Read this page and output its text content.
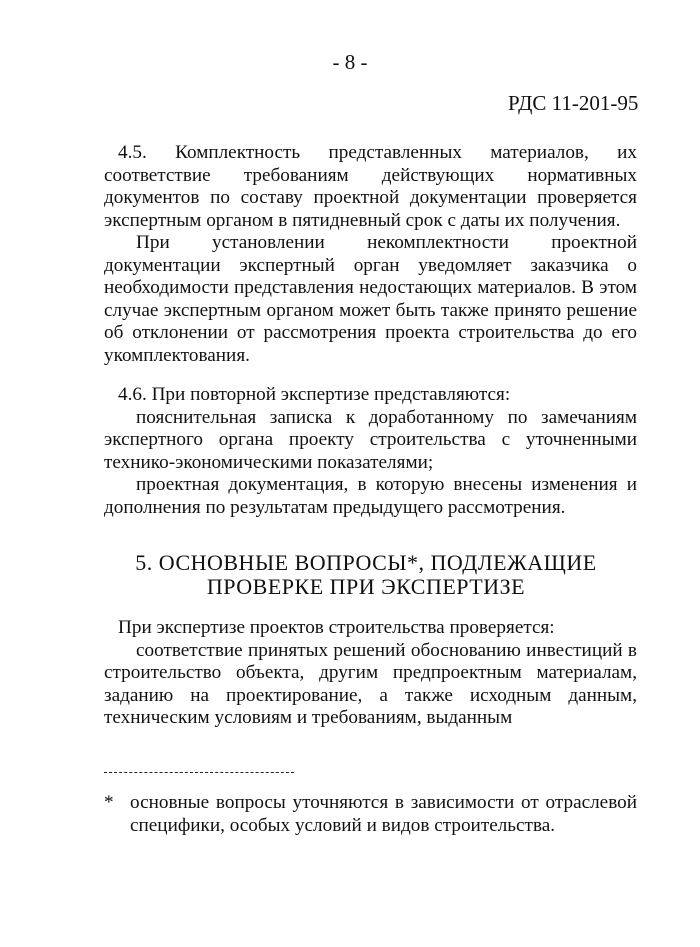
- 8 -
РДС 11-201-95

4.5. Комплектность представленных материалов, их соответствие требованиям действующих нормативных документов по составу проектной документации проверяется экспертным органом в пятидневный срок с даты их получения.

При установлении некомплектности проектной документации экспертный орган уведомляет заказчика о необходимости представления недостающих материалов. В этом случае экспертным органом может быть также принято решение об отклонении от рассмотрения проекта строительства до его укомплектования.

4.6. При повторной экспертизе представляются:

пояснительная записка к доработанному по замечаниям экспертного органа проекту строительства с уточненными технико-экономическими показателями;

проектная документация, в которую внесены изменения и дополнения по результатам предыдущего рассмотрения.

5. ОСНОВНЫЕ ВОПРОСЫ*, ПОДЛЕЖАЩИЕ
ПРОВЕРКЕ ПРИ ЭКСПЕРТИЗЕ

При экспертизе проектов строительства проверяется:

соответствие принятых решений обоснованию инвестиций в строительство объекта, другим предпроектным материалам, заданию на проектирование, а также исходным данным, техническим условиям и требованиям, выданным

* основные вопросы уточняются в зависимости от отраслевой специфики, особых условий и видов строительства.
